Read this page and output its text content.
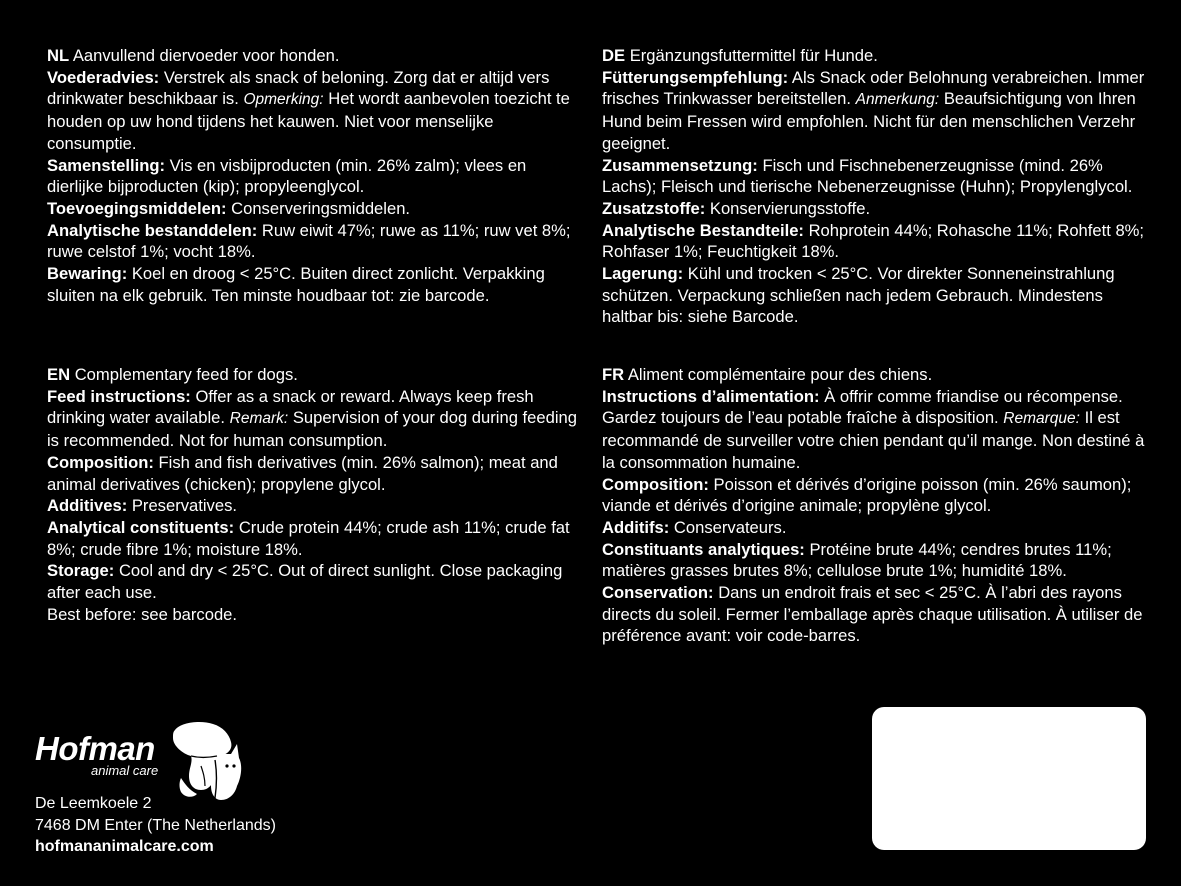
NL Aanvullend diervoeder voor honden.

Voederadvies: Verstrek als snack of beloning. Zorg dat er altijd vers drinkwater beschikbaar is. Opmerking: Het wordt aanbevolen toezicht te houden op uw hond tijdens het kauwen. Niet voor menselijke consumptie.

Samenstelling: Vis en visbijproducten (min. 26% zalm); vlees en dierlijke bijproducten (kip); propyleenglycol.

Toevoegingsmiddelen: Conserveringsmiddelen.

Analytische bestanddelen: Ruw eiwit 47%; ruwe as 11%; ruw vet 8%; ruwe celstof 1%; vocht 18%.

Bewaring: Koel en droog < 25°C. Buiten direct zonlicht. Verpakking sluiten na elk gebruik. Ten minste houdbaar tot: zie barcode.

EN Complementary feed for dogs.

Feed instructions: Offer as a snack or reward. Always keep fresh drinking water available. Remark: Supervision of your dog during feeding is recommended. Not for human consumption.

Composition: Fish and fish derivatives (min. 26% salmon); meat and animal derivatives (chicken); propylene glycol.

Additives: Preservatives.

Analytical constituents: Crude protein 44%; crude ash 11%; crude fat 8%; crude fibre 1%; moisture 18%.

Storage: Cool and dry < 25°C. Out of direct sunlight. Close packaging after each use.

Best before: see barcode.

DE Ergänzungsfuttermittel für Hunde.

Fütterungsempfehlung: Als Snack oder Belohnung verabreichen. Immer frisches Trinkwasser bereitstellen. Anmerkung: Beaufsichtigung von Ihren Hund beim Fressen wird empfohlen. Nicht für den menschlichen Verzehr geeignet.

Zusammensetzung: Fisch und Fischnebenerzeugnisse (mind. 26% Lachs); Fleisch und tierische Nebenerzeugnisse (Huhn); Propylenglycol.

Zusatzstoffe: Konservierungsstoffe.

Analytische Bestandteile: Rohprotein 44%; Rohasche 11%; Rohfett 8%; Rohfaser 1%; Feuchtigkeit 18%.

Lagerung: Kühl und trocken < 25°C. Vor direkter Sonneneinstrahlung schützen. Verpackung schließen nach jedem Gebrauch. Mindestens haltbar bis: siehe Barcode.

FR Aliment complémentaire pour des chiens.

Instructions d’alimentation: À offrir comme friandise ou récompense. Gardez toujours de l’eau potable fraîche à disposition. Remarque: Il est recommandé de surveiller votre chien pendant qu’il mange. Non destiné à la consommation humaine.

Composition: Poisson et dérivés d’origine poisson (min. 26% saumon); viande et dérivés d’origine animale; propylène glycol.

Additifs: Conservateurs.

Constituants analytiques: Protéine brute 44%; cendres brutes 11%; matières grasses brutes 8%; cellulose brute 1%; humidité 18%.

Conservation: Dans un endroit frais et sec < 25°C. À l’abri des rayons directs du soleil. Fermer l’emballage après chaque utilisation. À utiliser de préférence avant: voir code-barres.

Hofman
animal care
De Leemkoele 2
7468 DM Enter (The Netherlands)
hofmananimalcare.com
